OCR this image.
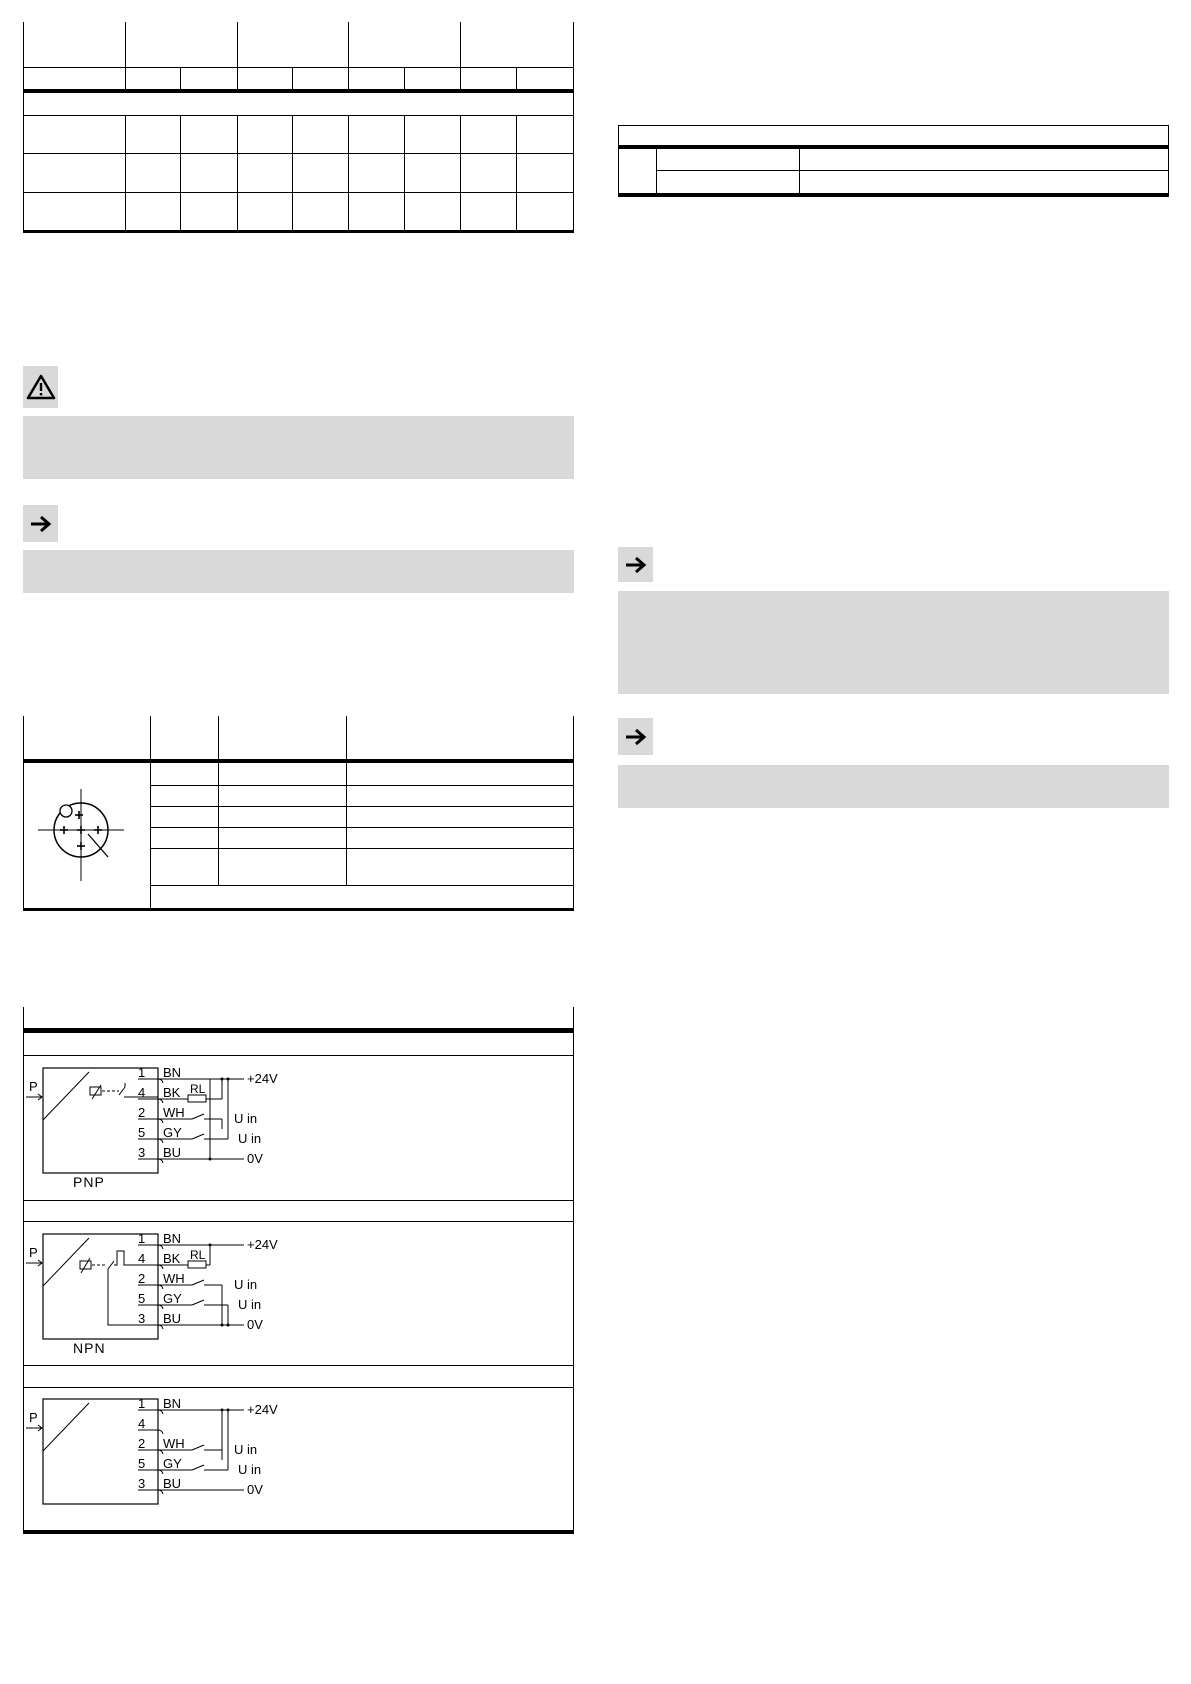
P
1
4
2
5
3
BN
BK
WH
GY
BU
RL
+24V
U in
U in
0V
PNP
P
1
4
2
5
3
BN
BK
WH
GY
BU
RL
+24V
U in
U in
0V
NPN
P
1
4
2
5
3
BN
WH
GY
BU
+24V
U in
U in
0V
